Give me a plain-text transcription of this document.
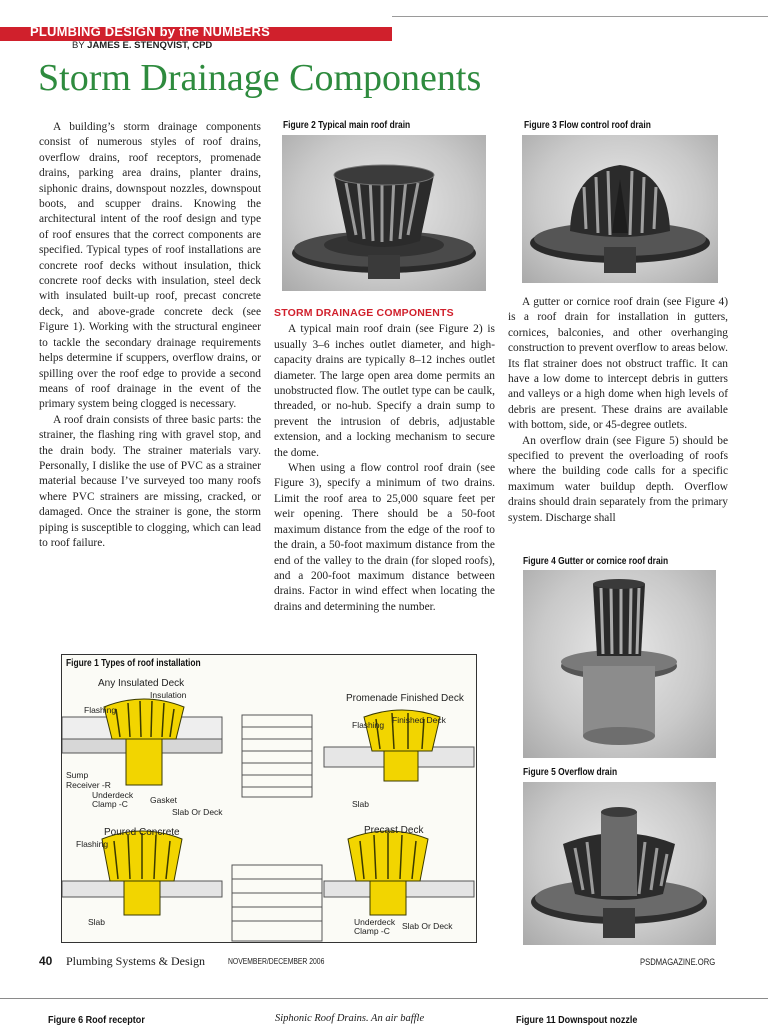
PLUMBING DESIGN by the NUMBERS
BY JAMES E. STENQVIST, CPD
Storm Drainage Components

A building’s storm drainage components consist of numerous styles of roof drains, overflow drains, roof receptors, promenade drains, parking area drains, planter drains, siphonic drains, downspout nozzles, downspout boots, and scupper drains. Knowing the architectural intent of the roof design and type of roof ensures that the correct components are specified. Typical types of roof installations are concrete roof decks without insulation, thick concrete roof decks with insulation, steel deck with insulated built-up roof, precast concrete deck, and above-grade concrete deck (see Figure 1). Working with the structural engineer to tackle the secondary drainage requirements helps determine if scuppers, overflow drains, or spilling over the roof edge to provide a second means of roof drainage in the event of the primary system being clogged is necessary.

A roof drain consists of three basic parts: the strainer, the flashing ring with gravel stop, and the drain body. The strainer materials vary. Personally, I dislike the use of PVC as a strainer material because I’ve surveyed too many roofs where PVC strainers are missing, cracked, or damaged. Once the strainer is gone, the storm piping is susceptible to clogging, which can lead to roof failure.

Figure 2 Typical main roof drain	Figure 3 Flow control roof drain
STORM DRAINAGE COMPONENTS

A typical main roof drain (see Figure 2) is usually 3–6 inches outlet diameter, and high-capacity drains are typically 8–12 inches outlet diameter. The large open area dome permits an unobstructed flow. The outlet type can be caulk, threaded, or no-hub. Specify a drain sump to prevent the intrusion of debris, adjustable extension, and a locking mechanism to secure the dome.

When using a flow control roof drain (see Figure 3), specify a minimum of two drains. Limit the roof area to 25,000 square feet per weir opening. There should be a 50-foot maximum distance from the edge of the roof to the drain, a 50-foot maximum distance from the end of the valley to the drain (for sloped roofs), and a 200-foot maximum distance between drains. Factor in wind effect when locating the drains and determining the number.

A gutter or cornice roof drain (see Figure 4) is a roof drain for installation in gutters, cornices, balconies, and other overhanging construction to prevent overflow to areas below. Its flat strainer does not obstruct traffic. It can have a low dome to intercept debris in gutters and valleys or a high dome when high levels of debris are present. These drains are available with bottom, side, or 45-degree outlets.

An overflow drain (see Figure 5) should be specified to prevent the overloading of roofs where the building code calls for a specific maximum water buildup depth. Overflow drains should drain separately from the primary system. Discharge shall

Figure 4 Gutter or cornice roof drain
Figure 5 Overflow drain
Any Insulated Deck
Insulation
Flashing
Sump
Receiver -R
Underdeck
Clamp -C	Gasket
Slab Or Deck
Promenade Finished Deck
Finished Deck
Flashing
Slab
Poured Concrete
Flashing
Precast Deck
Slab	Underdeck
Clamp -C Slab Or Deck
Figure 1 Types of roof installation
40 Plumbing Systems & Design	NOVEMBER/DECEMBER 2006	PSDMAGAZINE.ORG
Figure 6 Roof receptor	Siphonic Roof Drains. An air baffle	Figure 11 Downspout nozzle
